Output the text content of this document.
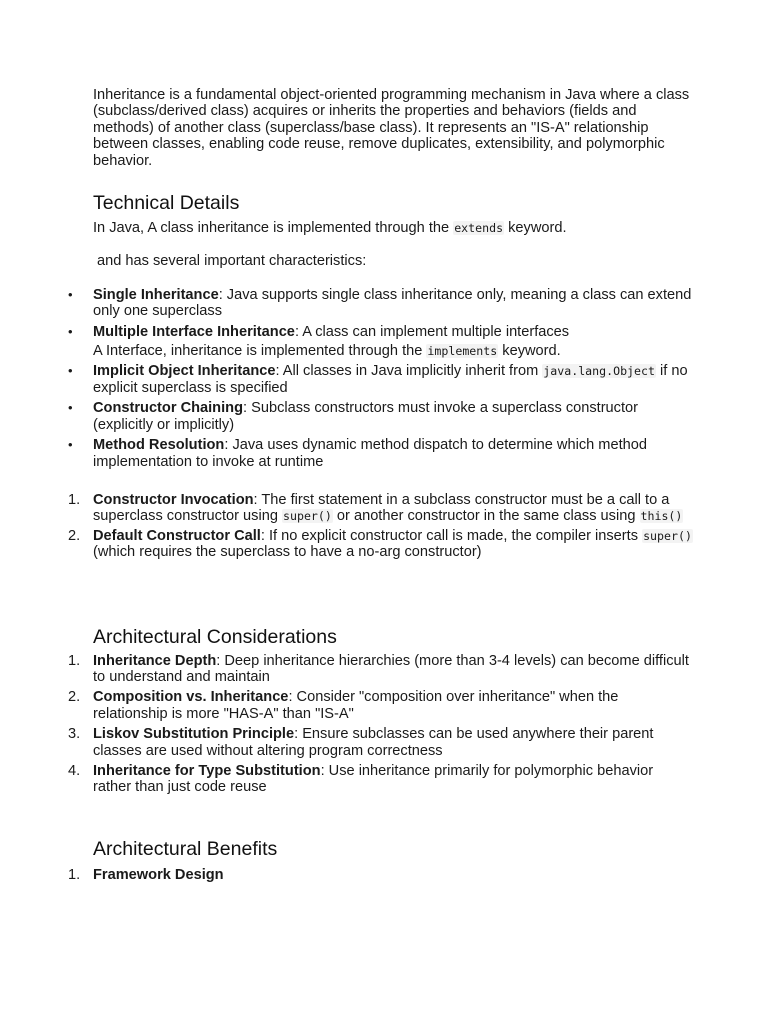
Inheritance is a fundamental object-oriented programming mechanism in Java where a class (subclass/derived class) acquires or inherits the properties and behaviors (fields and methods) of another class (superclass/base class). It represents an "IS-A" relationship between classes, enabling code reuse, remove duplicates, extensibility, and polymorphic behavior.

Technical Details

In Java, A class inheritance is implemented through the extends keyword.

and has several important characteristics:

• Single Inheritance: Java supports single class inheritance only, meaning a class can extend only one superclass
• Multiple Interface Inheritance: A class can implement multiple interfaces
A Interface, inheritance is implemented through the implements keyword.
• Implicit Object Inheritance: All classes in Java implicitly inherit from java.lang.Object if no explicit superclass is specified
• Constructor Chaining: Subclass constructors must invoke a superclass constructor (explicitly or implicitly)
• Method Resolution: Java uses dynamic method dispatch to determine which method implementation to invoke at runtime
1. Constructor Invocation: The first statement in a subclass constructor must be a call to a superclass constructor using super() or another constructor in the same class using this()
2. Default Constructor Call: If no explicit constructor call is made, the compiler inserts super() (which requires the superclass to have a no-arg constructor)
Architectural Considerations
1. Inheritance Depth: Deep inheritance hierarchies (more than 3-4 levels) can become difficult to understand and maintain
2. Composition vs. Inheritance: Consider "composition over inheritance" when the relationship is more "HAS-A" than "IS-A"
3. Liskov Substitution Principle: Ensure subclasses can be used anywhere their parent classes are used without altering program correctness
4. Inheritance for Type Substitution: Use inheritance primarily for polymorphic behavior rather than just code reuse
Architectural Benefits
1. Framework Design
